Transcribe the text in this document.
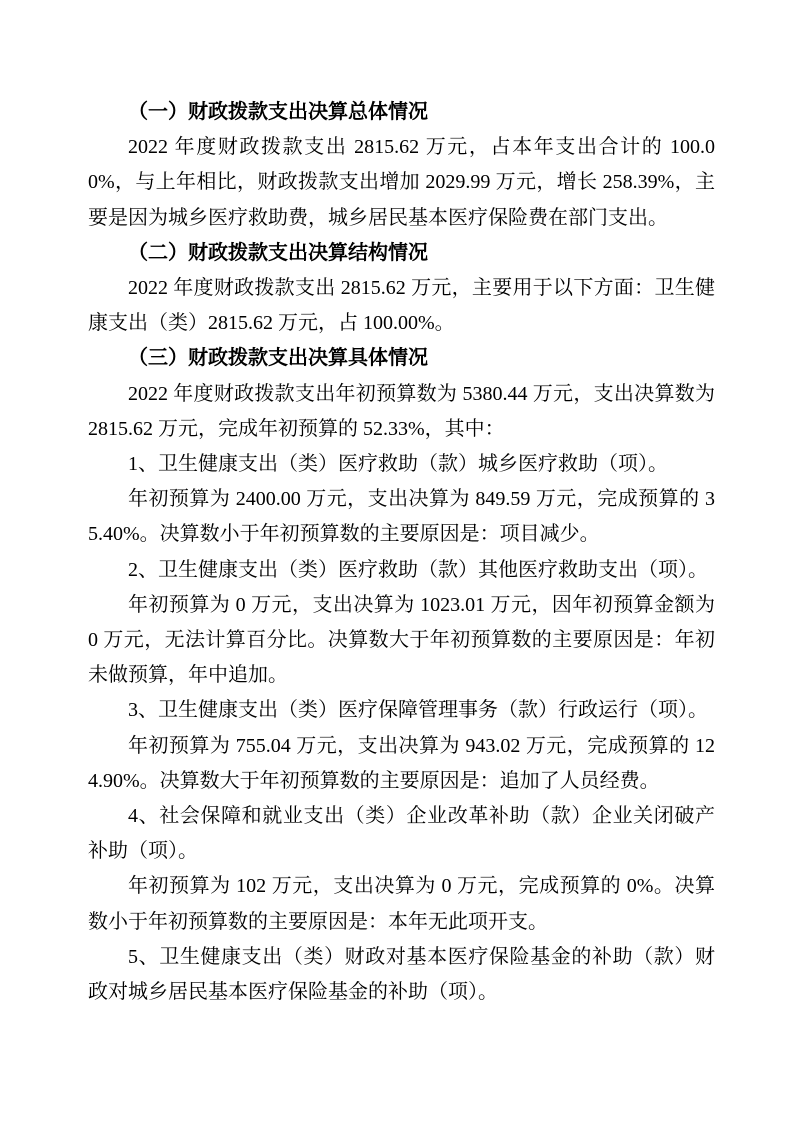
（一）财政拨款支出决算总体情况

2022 年度财政拨款支出 2815.62 万元，占本年支出合计的 100.00%，与上年相比，财政拨款支出增加 2029.99 万元，增长 258.39%，主要是因为城乡医疗救助费，城乡居民基本医疗保险费在部门支出。

（二）财政拨款支出决算结构情况

2022 年度财政拨款支出 2815.62 万元，主要用于以下方面：卫生健康支出（类）2815.62 万元，占 100.00%。

（三）财政拨款支出决算具体情况

2022 年度财政拨款支出年初预算数为 5380.44 万元，支出决算数为 2815.62 万元，完成年初预算的 52.33%，其中：

1、卫生健康支出（类）医疗救助（款）城乡医疗救助（项）。

年初预算为 2400.00 万元，支出决算为 849.59 万元，完成预算的 35.40%。决算数小于年初预算数的主要原因是：项目减少。

2、卫生健康支出（类）医疗救助（款）其他医疗救助支出（项）。

年初预算为 0 万元，支出决算为 1023.01 万元，因年初预算金额为 0 万元，无法计算百分比。决算数大于年初预算数的主要原因是：年初未做预算，年中追加。

3、卫生健康支出（类）医疗保障管理事务（款）行政运行（项）。

年初预算为 755.04 万元，支出决算为 943.02 万元，完成预算的 124.90%。决算数大于年初预算数的主要原因是：追加了人员经费。

4、社会保障和就业支出（类）企业改革补助（款）企业关闭破产补助（项）。

年初预算为 102 万元，支出决算为 0 万元，完成预算的 0%。决算数小于年初预算数的主要原因是：本年无此项开支。

5、卫生健康支出（类）财政对基本医疗保险基金的补助（款）财政对城乡居民基本医疗保险基金的补助（项）。
